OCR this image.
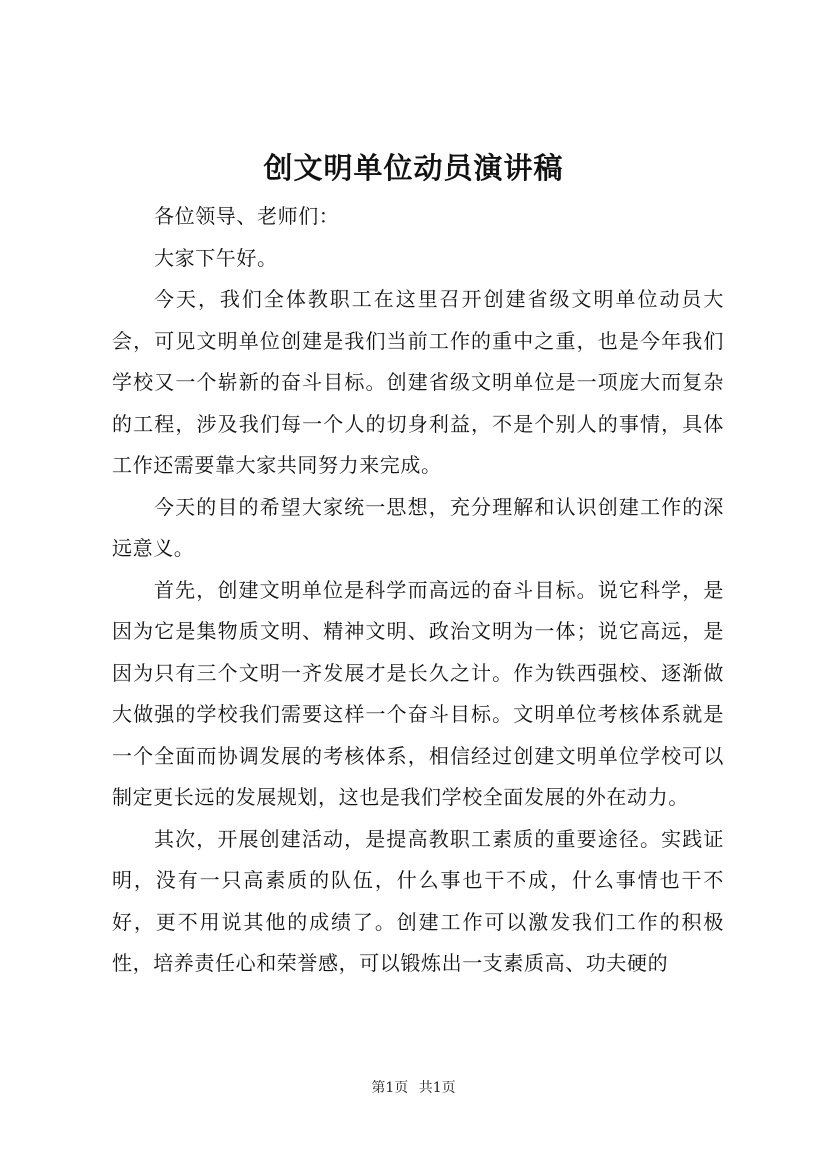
创文明单位动员演讲稿

各位领导、老师们：

大家下午好。

今天，我们全体教职工在这里召开创建省级文明单位动员大会，可见文明单位创建是我们当前工作的重中之重，也是今年我们学校又一个崭新的奋斗目标。创建省级文明单位是一项庞大而复杂的工程，涉及我们每一个人的切身利益，不是个别人的事情，具体工作还需要靠大家共同努力来完成。

今天的目的希望大家统一思想，充分理解和认识创建工作的深远意义。

首先，创建文明单位是科学而高远的奋斗目标。说它科学，是因为它是集物质文明、精神文明、政治文明为一体；说它高远，是因为只有三个文明一齐发展才是长久之计。作为铁西强校、逐渐做大做强的学校我们需要这样一个奋斗目标。文明单位考核体系就是一个全面而协调发展的考核体系，相信经过创建文明单位学校可以制定更长远的发展规划，这也是我们学校全面发展的外在动力。

其次，开展创建活动，是提高教职工素质的重要途径。实践证明，没有一只高素质的队伍，什么事也干不成，什么事情也干不好，更不用说其他的成绩了。创建工作可以激发我们工作的积极性，培养责任心和荣誉感，可以锻炼出一支素质高、功夫硬的

第1页 共1页
